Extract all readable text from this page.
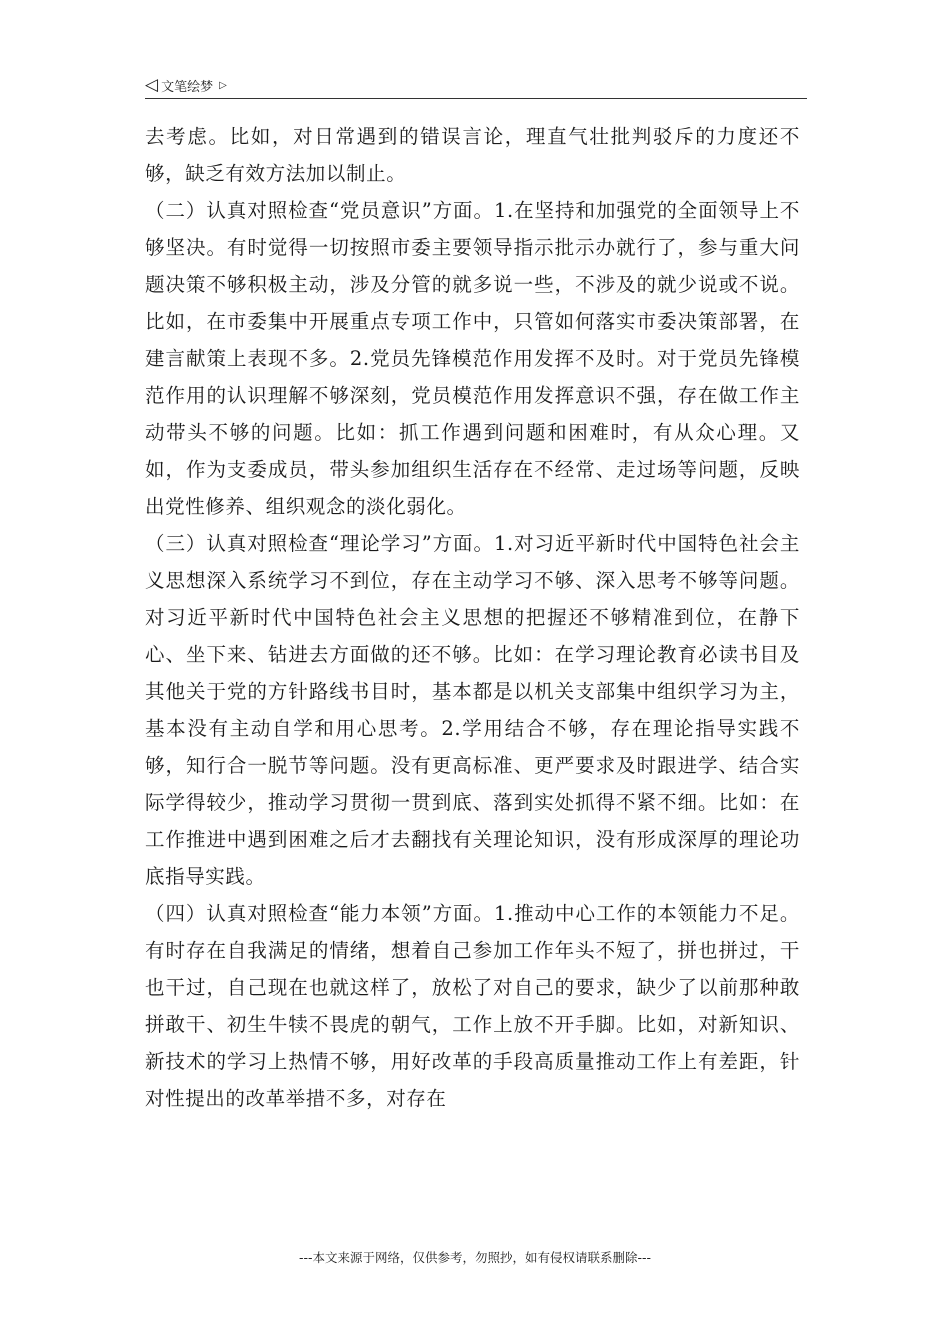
◁ 文笔绘梦 ▷

去考虑。比如，对日常遇到的错误言论，理直气壮批判驳斥的力度还不够，缺乏有效方法加以制止。

（二）认真对照检查“党员意识”方面。1.在坚持和加强党的全面领导上不够坚决。有时觉得一切按照市委主要领导指示批示办就行了，参与重大问题决策不够积极主动，涉及分管的就多说一些，不涉及的就少说或不说。比如，在市委集中开展重点专项工作中，只管如何落实市委决策部署，在建言献策上表现不多。2.党员先锋模范作用发挥不及时。对于党员先锋模范作用的认识理解不够深刻，党员模范作用发挥意识不强，存在做工作主动带头不够的问题。比如：抓工作遇到问题和困难时，有从众心理。又如，作为支委成员，带头参加组织生活存在不经常、走过场等问题，反映出党性修养、组织观念的淡化弱化。

（三）认真对照检查“理论学习”方面。1.对习近平新时代中国特色社会主义思想深入系统学习不到位，存在主动学习不够、深入思考不够等问题。对习近平新时代中国特色社会主义思想的把握还不够精准到位，在静下心、坐下来、钻进去方面做的还不够。比如：在学习理论教育必读书目及其他关于党的方针路线书目时，基本都是以机关支部集中组织学习为主，基本没有主动自学和用心思考。2.学用结合不够，存在理论指导实践不够，知行合一脱节等问题。没有更高标准、更严要求及时跟进学、结合实际学得较少，推动学习贯彻一贯到底、落到实处抓得不紧不细。比如：在工作推进中遇到困难之后才去翻找有关理论知识，没有形成深厚的理论功底指导实践。

（四）认真对照检查“能力本领”方面。1.推动中心工作的本领能力不足。有时存在自我满足的情绪，想着自己参加工作年头不短了，拼也拼过，干也干过，自己现在也就这样了，放松了对自己的要求，缺少了以前那种敢拼敢干、初生牛犊不畏虎的朝气，工作上放不开手脚。比如，对新知识、新技术的学习上热情不够，用好改革的手段高质量推动工作上有差距，针对性提出的改革举措不多，对存在

---本文来源于网络，仅供参考，勿照抄，如有侵权请联系删除---
